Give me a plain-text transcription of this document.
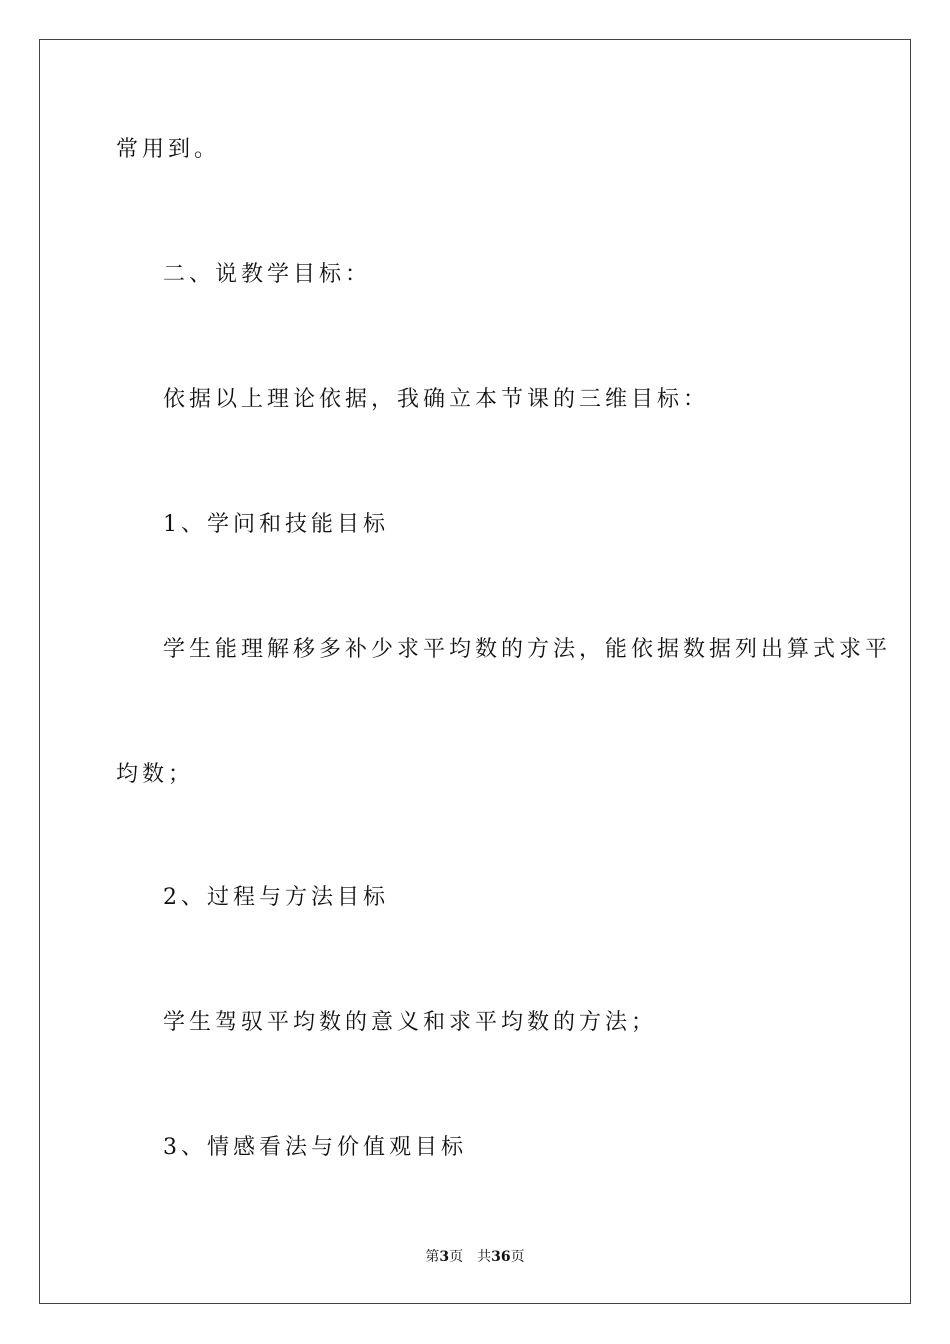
常用到。
二、说教学目标：
依据以上理论依据，我确立本节课的三维目标：
1、学问和技能目标
学生能理解移多补少求平均数的方法，能依据数据列出算式求平
均数；
2、过程与方法目标
学生驾驭平均数的意义和求平均数的方法；
3、情感看法与价值观目标
第3页 共36页
